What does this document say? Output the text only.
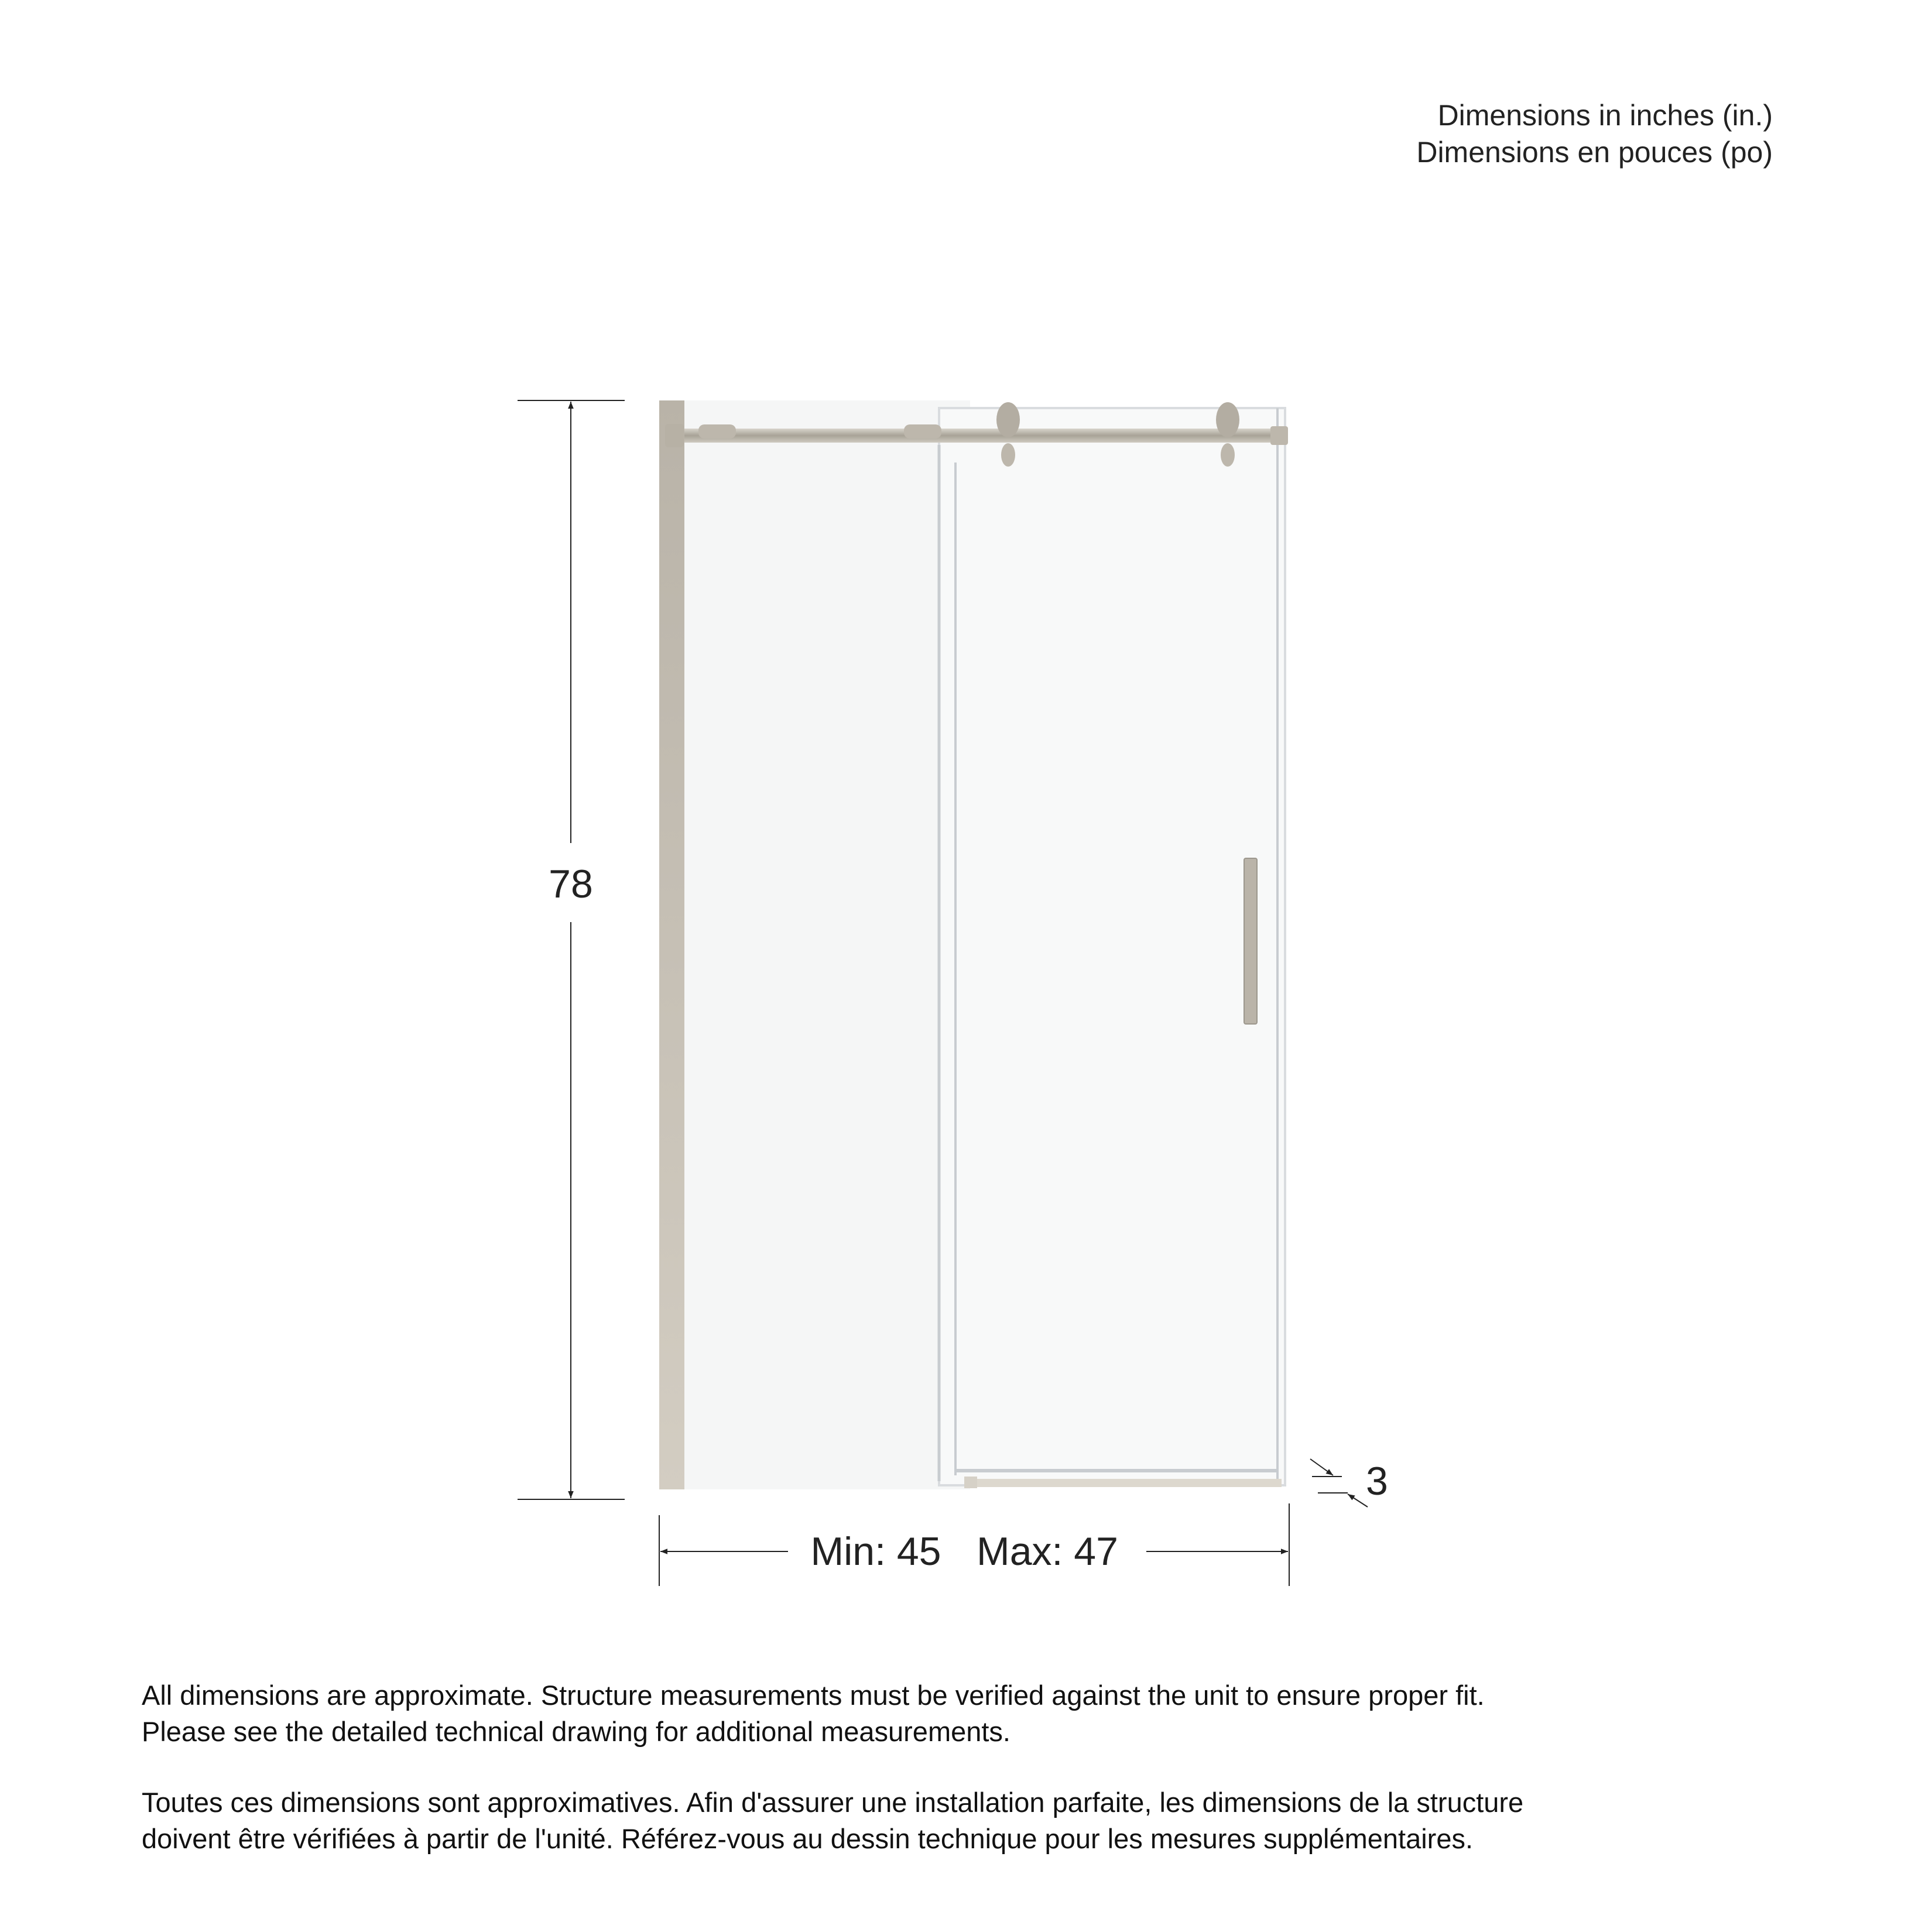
Dimensions in inches (in.)
Dimensions en pouces (po)
78
Min: 45 Max: 47
3
All dimensions are approximate. Structure measurements must be verified against the unit to ensure proper fit.
Please see the detailed technical drawing for additional measurements.
Toutes ces dimensions sont approximatives. Afin d'assurer une installation parfaite, les dimensions de la structure
doivent être vérifiées à partir de l'unité. Référez-vous au dessin technique pour les mesures supplémentaires.
